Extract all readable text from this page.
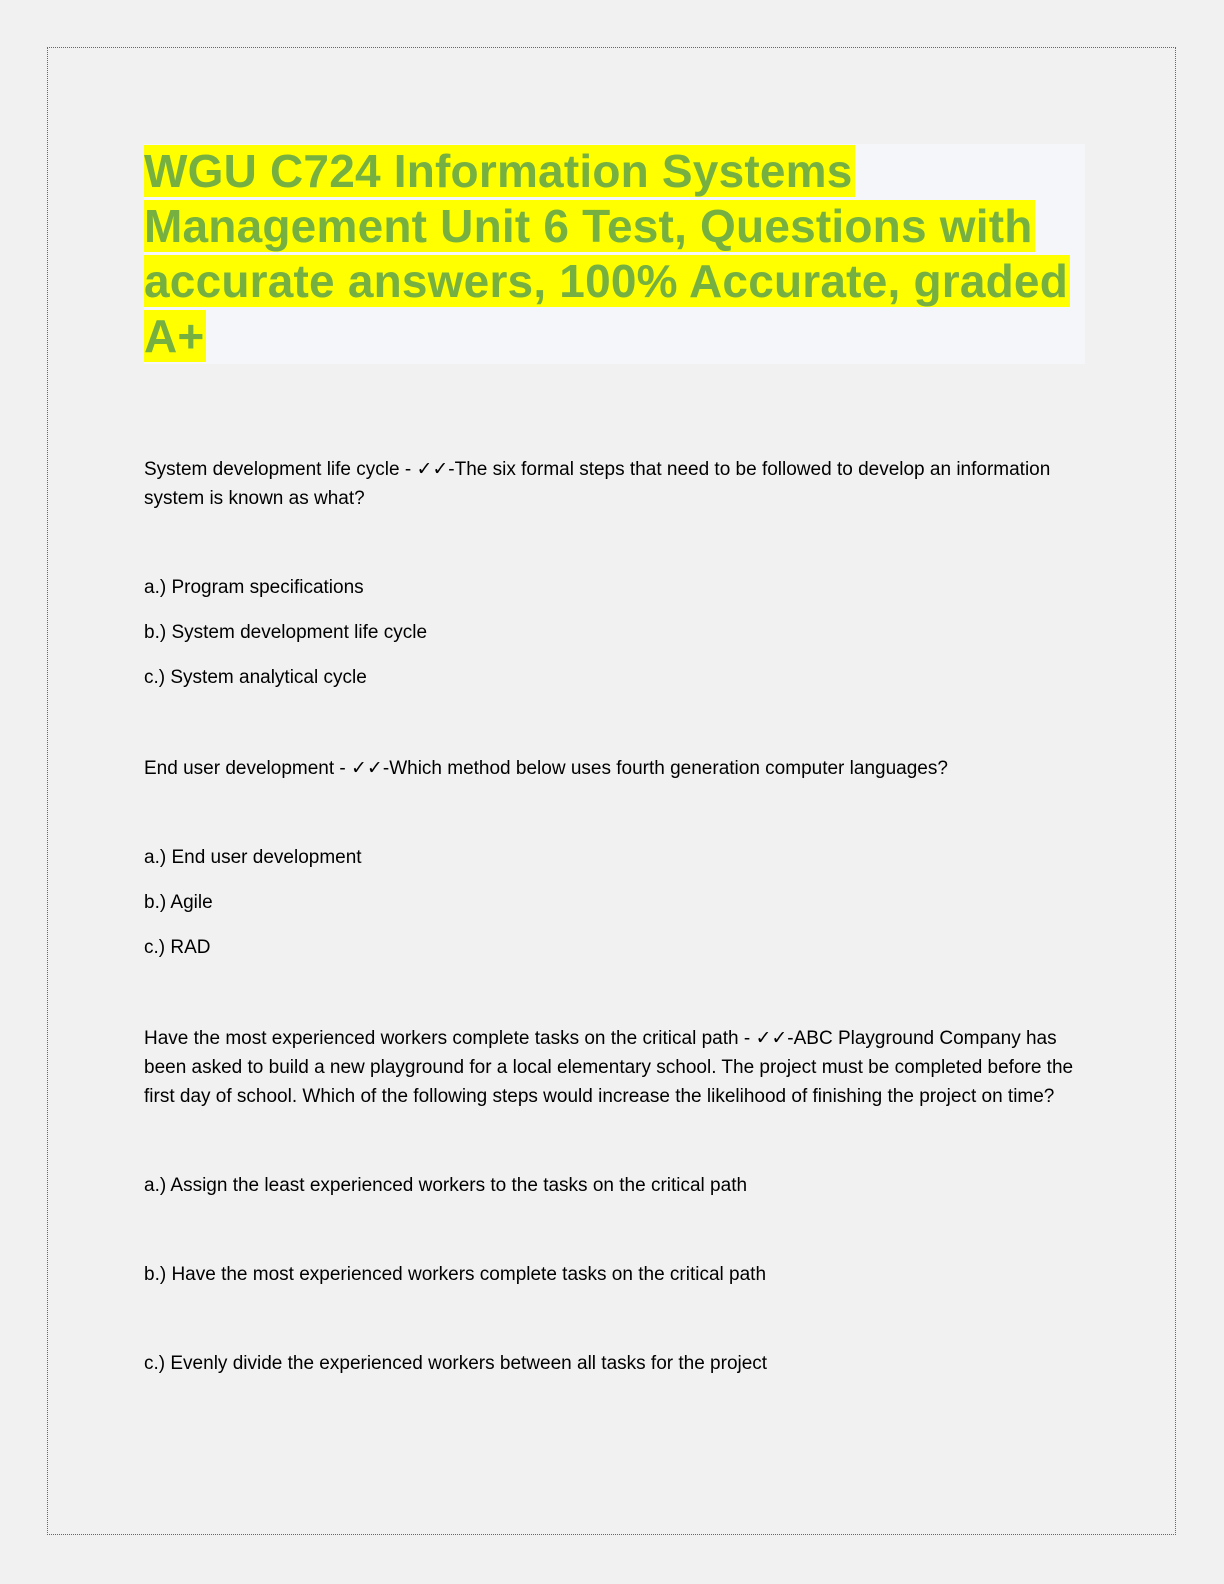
WGU C724 Information Systems Management Unit 6 Test, Questions with accurate answers, 100% Accurate, graded A+

System development life cycle - ✓✓-The six formal steps that need to be followed to develop an information system is known as what?

a.) Program specifications

b.) System development life cycle

c.) System analytical cycle

End user development - ✓✓-Which method below uses fourth generation computer languages?

a.) End user development

b.) Agile

c.) RAD

Have the most experienced workers complete tasks on the critical path - ✓✓-ABC Playground Company has been asked to build a new playground for a local elementary school. The project must be completed before the first day of school. Which of the following steps would increase the likelihood of finishing the project on time?

a.) Assign the least experienced workers to the tasks on the critical path

b.) Have the most experienced workers complete tasks on the critical path

c.) Evenly divide the experienced workers between all tasks for the project
